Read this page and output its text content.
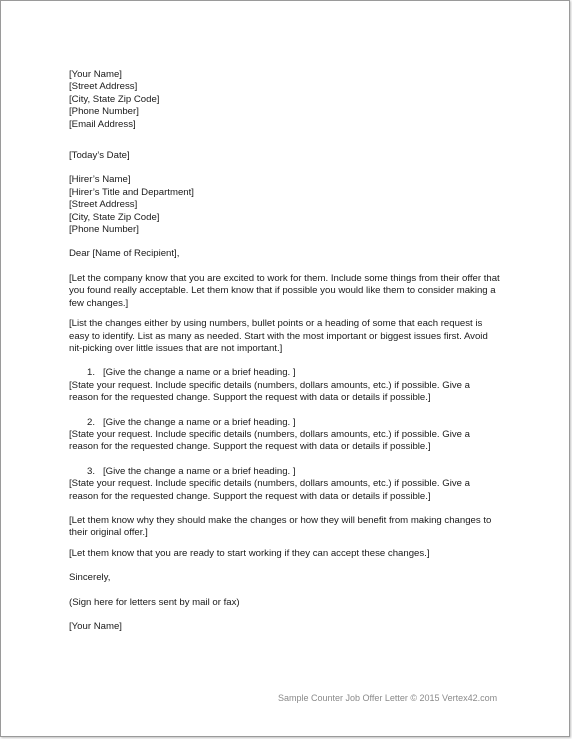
[Your Name]
[Street Address]
[City, State Zip Code]
[Phone Number]
[Email Address]
[Today’s Date]
[Hirer’s Name]
[Hirer’s Title and Department]
[Street Address]
[City, State Zip Code]
[Phone Number]
Dear [Name of Recipient],

[Let the company know that you are excited to work for them. Include some things from their offer that you found really acceptable. Let them know that if possible you would like them to consider making a few changes.]

[List the changes either by using numbers, bullet points or a heading of some that each request is easy to identify. List as many as needed. Start with the most important or biggest issues first. Avoid nit-picking over little issues that are not important.]

1. [Give the change a name or a brief heading. ]

[State your request. Include specific details (numbers, dollars amounts, etc.) if possible. Give a reason for the requested change. Support the request with data or details if possible.]

2. [Give the change a name or a brief heading. ]

[State your request. Include specific details (numbers, dollars amounts, etc.) if possible. Give a reason for the requested change. Support the request with data or details if possible.]

3. [Give the change a name or a brief heading. ]

[State your request. Include specific details (numbers, dollars amounts, etc.) if possible. Give a reason for the requested change. Support the request with data or details if possible.]

[Let them know why they should make the changes or how they will benefit from making changes to their original offer.]

[Let them know that you are ready to start working if they can accept these changes.]

Sincerely,
(Sign here for letters sent by mail or fax)
[Your Name]
Sample Counter Job Offer Letter © 2015 Vertex42.com
